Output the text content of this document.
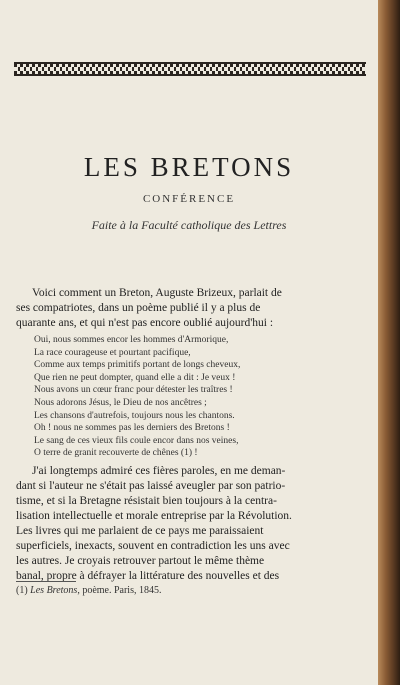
LES BRETONS
CONFÉRENCE
Faite à la Faculté catholique des Lettres
Voici comment un Breton, Auguste Brizeux, parlait de
ses compatriotes, dans un poème publié il y a plus de
quarante ans, et qui n'est pas encore oublié aujourd'hui :
Oui, nous sommes encor les hommes d'Armorique,
La race courageuse et pourtant pacifique,
Comme aux temps primitifs portant de longs cheveux,
Que rien ne peut dompter, quand elle a dit : Je veux !
Nous avons un cœur franc pour détester les traîtres !
Nous adorons Jésus, le Dieu de nos ancêtres ;
Les chansons d'autrefois, toujours nous les chantons.
Oh ! nous ne sommes pas les derniers des Bretons !
Le sang de ces vieux fils coule encor dans nos veines,
O terre de granit recouverte de chênes (1) !
J'ai longtemps admiré ces fières paroles, en me deman-
dant si l'auteur ne s'était pas laissé aveugler par son patrio-
tisme, et si la Bretagne résistait bien toujours à la centra-
lisation intellectuelle et morale entreprise par la Révolution.
Les livres qui me parlaient de ce pays me paraissaient
superficiels, inexacts, souvent en contradiction les uns avec
les autres. Je croyais retrouver partout le même thème
banal, propre à défrayer la littérature des nouvelles et des
(1) Les Bretons, poème. Paris, 1845.
